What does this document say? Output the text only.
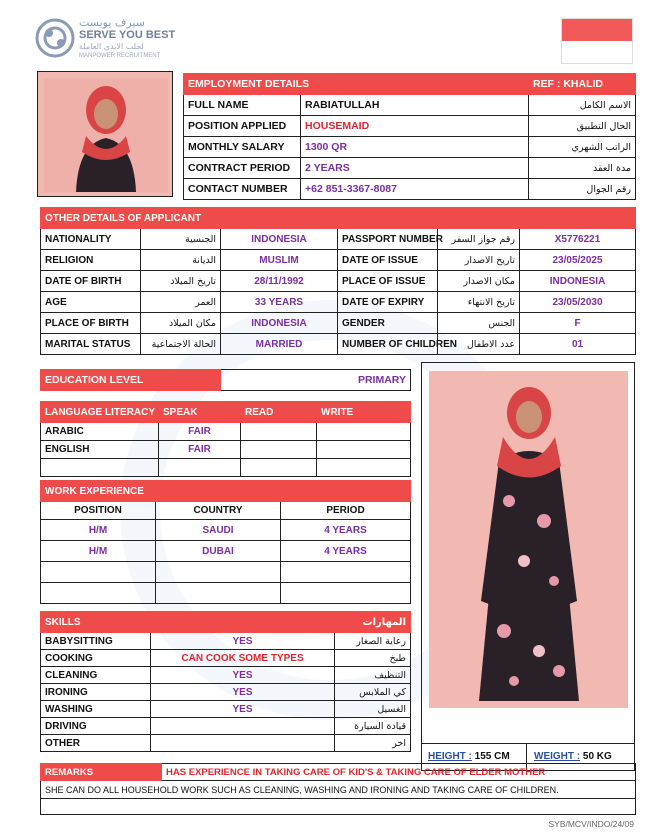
سيرف يوبست
SERVE YOU BEST
لجلب الايدي العاملة
MANPOWER RECRUITMENT
EMPLOYMENT DETAILS		REF : KHALID
FULL NAME	RABIATULLAH	الاسم الكامل
POSITION APPLIED	HOUSEMAID	الحال التطبيق
MONTHLY SALARY	1300 QR	الراتب الشهري
CONTRACT PERIOD	2 YEARS	مدة العقد
CONTACT NUMBER	+62 851-3367-8087	رقم الجوال
OTHER DETAILS OF APPLICANT					
NATIONALITY	الجنسية	INDONESIA	PASSPORT NUMBER	رقم جواز السفر	X5776221
RELIGION	الديانة	MUSLIM	DATE OF ISSUE	تاريخ الاصدار	23/05/2025
DATE OF BIRTH	تاريخ الميلاد	28/11/1992	PLACE OF ISSUE	مكان الاصدار	INDONESIA
AGE	العمر	33 YEARS	DATE OF EXPIRY	تاريخ الانتهاء	23/05/2030
PLACE OF BIRTH	مكان الميلاد	INDONESIA	GENDER	الجنس	F
MARITAL STATUS	الحالة الاجتماعية	MARRIED	NUMBER OF CHILDREN	عدد الاطفال	01
EDUCATION LEVEL	PRIMARY
LANGUAGE LITERACY	SPEAK	READ	WRITE
ARABIC	FAIR		
ENGLISH	FAIR		

WORK EXPERIENCE		
POSITION	COUNTRY	PERIOD
H/M	SAUDI	4 YEARS
H/M	DUBAI	4 YEARS

SKILLS		المهارات
BABYSITTING	YES	رعاية الصغار
COOKING	CAN COOK SOME TYPES	طبخ
CLEANING	YES	التنظيف
IRONING	YES	كي الملابس
WASHING	YES	الغسيل
DRIVING		قيادة السيارة
OTHER		اخر
HEIGHT : 155 CM WEIGHT : 50 KG
REMARKS	HAS EXPERIENCE IN TAKING CARE OF KID'S & TAKING CARE OF ELDER MOTHER
SHE CAN DO ALL HOUSEHOLD WORK SUCH AS CLEANING, WASHING AND IRONING AND TAKING CARE OF CHILDREN.

SYB/MCV/INDO/24/09
